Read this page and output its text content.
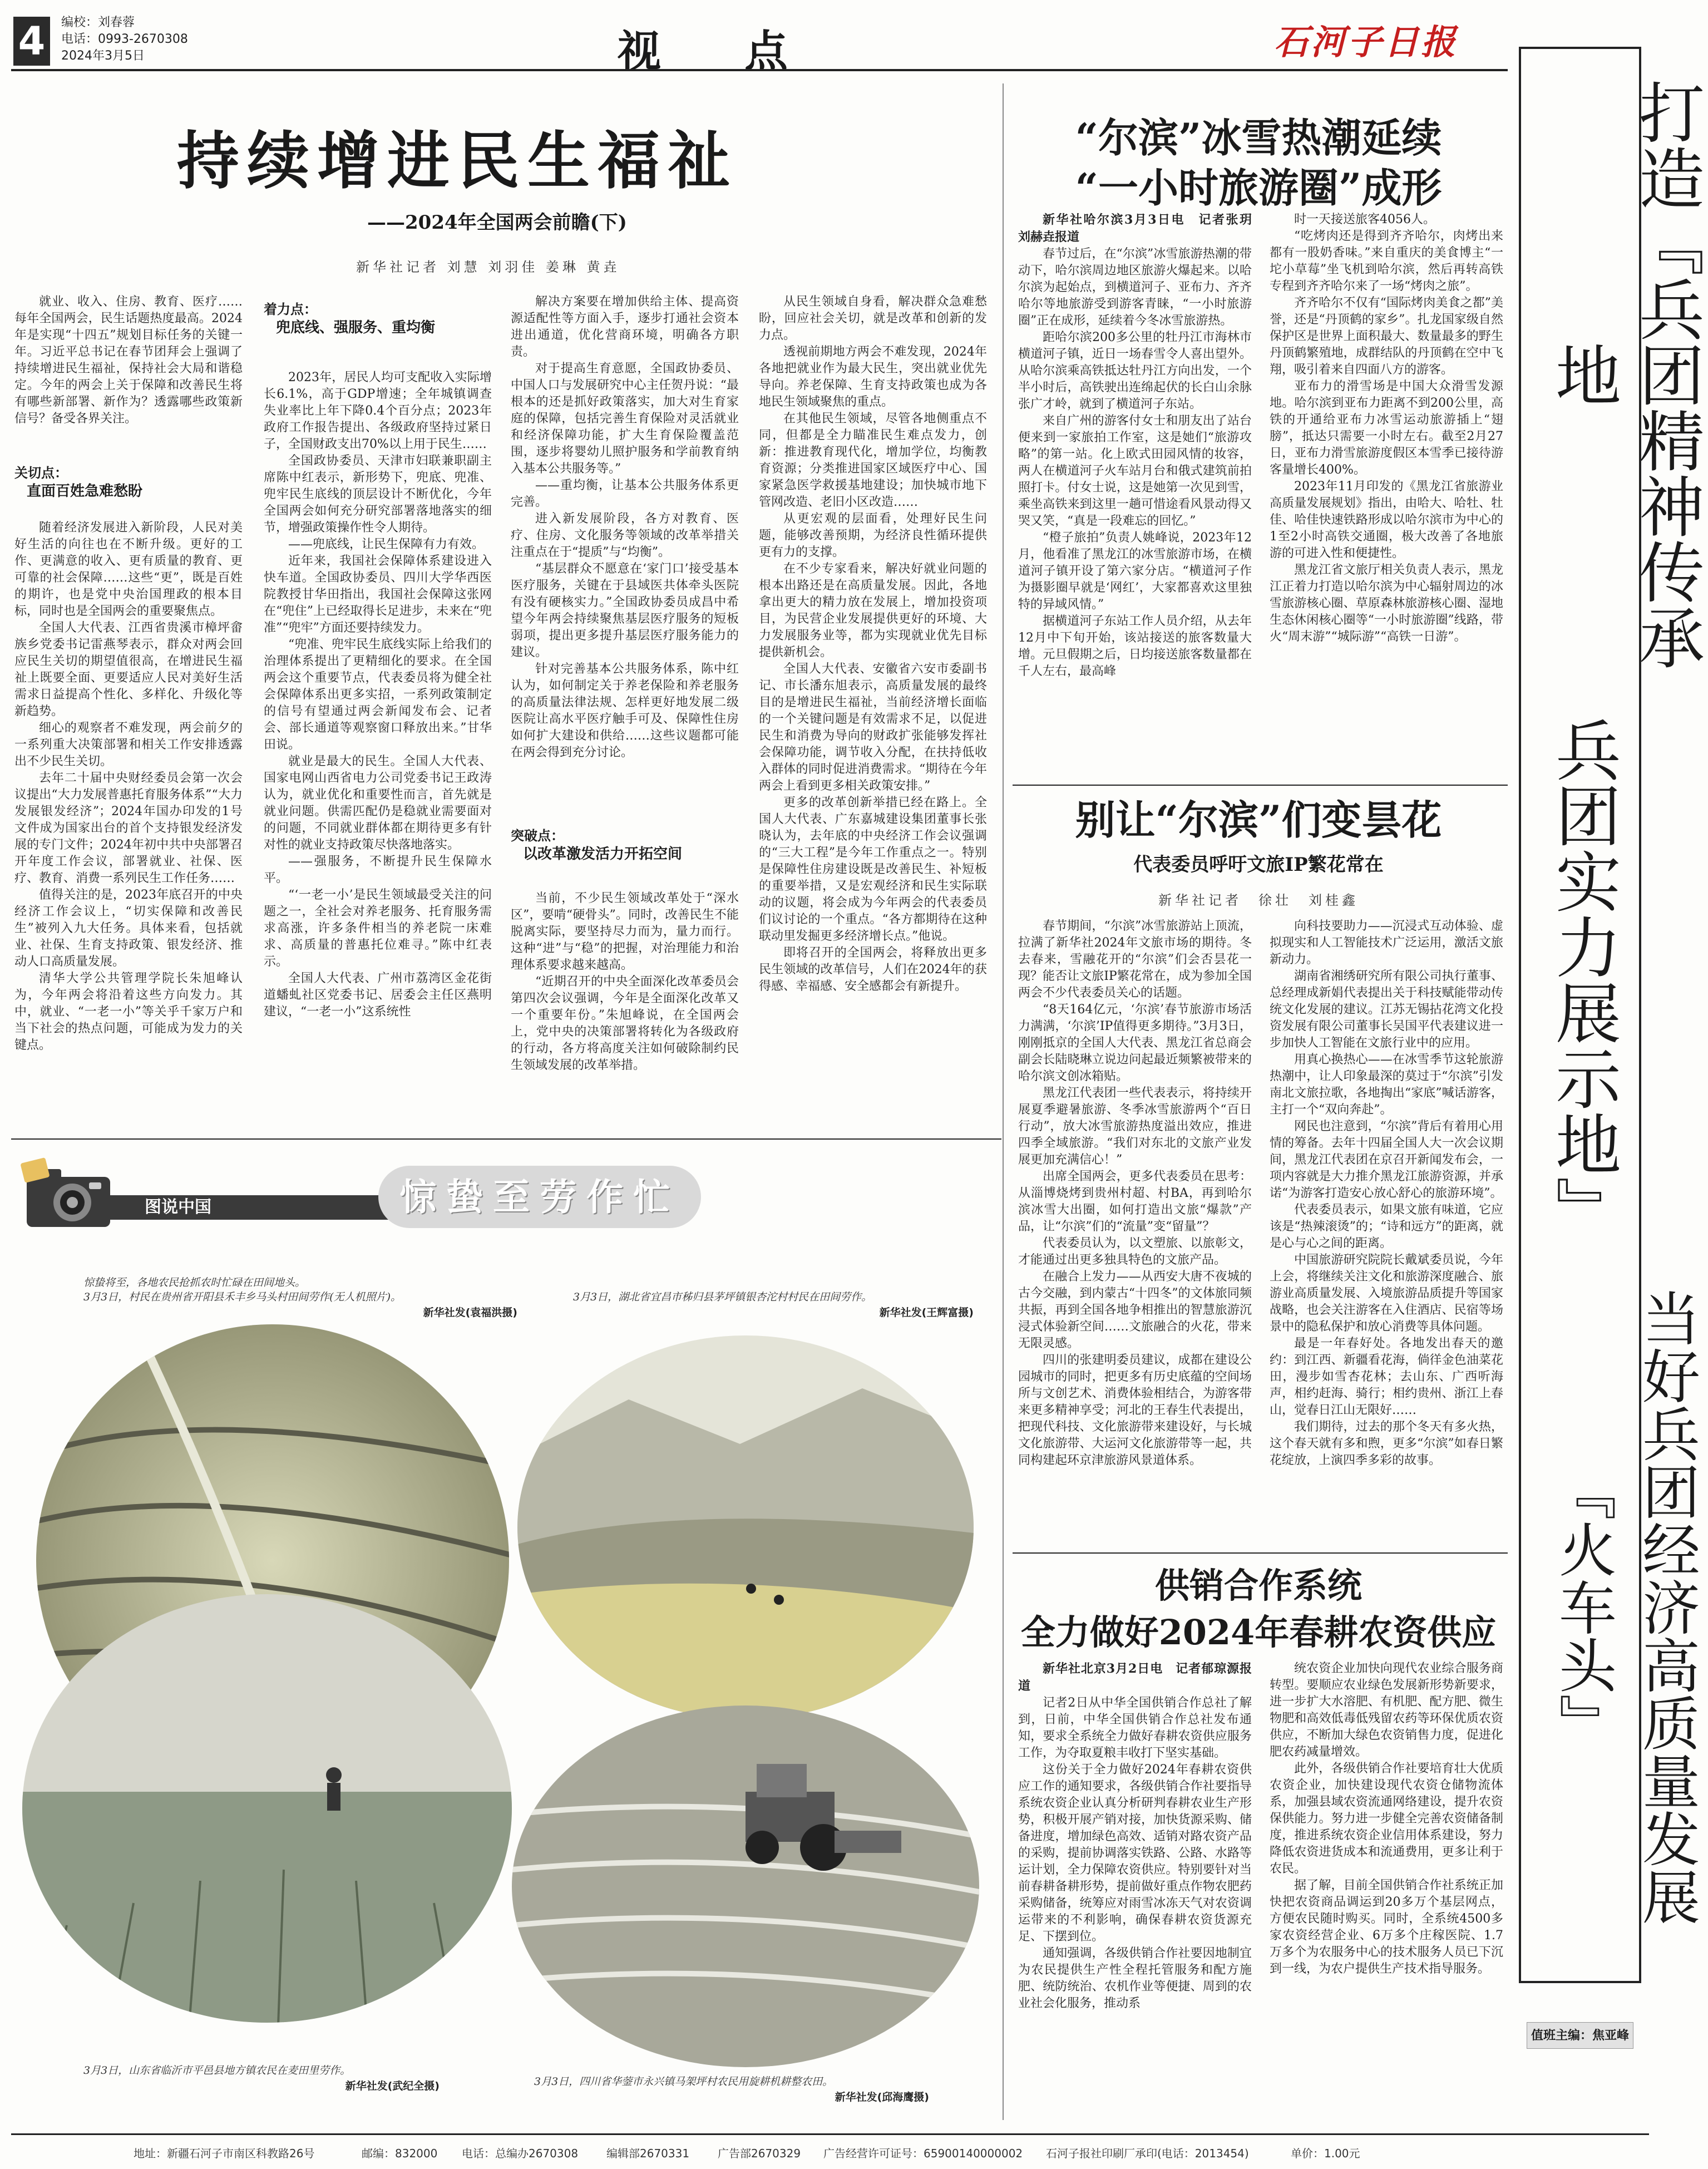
4	编校：刘春蓉
电话：0993-2670308
2024年3月5日	视点	石河子日报
打造『兵团精神传承地
兵团实力展示地』
当好兵团经济高质量发展『火车头』
值班主编：焦亚峰
持续增进民生福祉
——2024年全国两会前瞻(下)
新华社记者 刘慧 刘羽佳 姜琳 黄垚

就业、收入、住房、教育、医疗……每年全国两会，民生话题热度最高。2024年是实现“十四五”规划目标任务的关键一年。习近平总书记在春节团拜会上强调了持续增进民生福祉，保持社会大局和谐稳定。今年的两会上关于保障和改善民生将有哪些新部署、新作为？透露哪些政策新信号？备受各界关注。

关切点：
直面百姓急难愁盼

随着经济发展进入新阶段，人民对美好生活的向往也在不断升级。更好的工作、更满意的收入、更有质量的教育、更可靠的社会保障……这些“更”，既是百姓的期许，也是党中央治国理政的根本目标，同时也是全国两会的重要聚焦点。

全国人大代表、江西省贵溪市樟坪畲族乡党委书记雷燕琴表示，群众对两会回应民生关切的期望值很高，在增进民生福祉上既要全面、更要适应人民对美好生活需求日益提高个性化、多样化、升级化等新趋势。

细心的观察者不难发现，两会前夕的一系列重大决策部署和相关工作安排透露出不少民生关切。

去年二十届中央财经委员会第一次会议提出“大力发展普惠托育服务体系”“大力发展银发经济”；2024年国办印发的1号文件成为国家出台的首个支持银发经济发展的专门文件；2024年初中共中央部署召开年度工作会议，部署就业、社保、医疗、教育、消费一系列民生工作任务……

值得关注的是，2023年底召开的中央经济工作会议上，“切实保障和改善民生”被列入九大任务。具体来看，包括就业、社保、生育支持政策、银发经济、推动人口高质量发展。

清华大学公共管理学院长朱旭峰认为，今年两会将沿着这些方向发力。其中，就业、“一老一小”等关乎千家万户和当下社会的热点问题，可能成为发力的关键点。

着力点：
兜底线、强服务、重均衡

2023年，居民人均可支配收入实际增长6.1%，高于GDP增速；全年城镇调查失业率比上年下降0.4个百分点；2023年政府工作报告提出、各级政府坚持过紧日子，全国财政支出70%以上用于民生……

全国政协委员、天津市妇联兼职副主席陈中红表示，新形势下，兜底、兜准、兜牢民生底线的顶层设计不断优化，今年全国两会如何充分研究部署落地落实的细节，增强政策操作性令人期待。

——兜底线，让民生保障有力有效。

近年来，我国社会保障体系建设进入快车道。全国政协委员、四川大学华西医院教授甘华田指出，我国社会保障这张网在“兜住”上已经取得长足进步，未来在“兜准”“兜牢”方面还要持续发力。

“兜准、兜牢民生底线实际上给我们的治理体系提出了更精细化的要求。在全国两会这个重要节点，代表委员将为健全社会保障体系出更多实招，一系列政策制定的信号有望通过两会新闻发布会、记者会、部长通道等观察窗口释放出来。”甘华田说。

就业是最大的民生。全国人大代表、国家电网山西省电力公司党委书记王政涛认为，就业优化和重要性而言，首先就是就业问题。供需匹配仍是稳就业需要面对的问题，不同就业群体都在期待更多有针对性的就业支持政策尽快落地落实。

——强服务，不断提升民生保障水平。

“‘一老一小’是民生领域最受关注的问题之一，全社会对养老服务、托育服务需求高涨，许多条件相当的养老院一床难求、高质量的普惠托位难寻。”陈中红表示。

全国人大代表、广州市荔湾区金花街道蟠虬社区党委书记、居委会主任区燕明建议，“一老一小”这系统性

解决方案要在增加供给主体、提高资源适配性等方面入手，逐步打通社会资本进出通道，优化营商环境，明确各方职责。

对于提高生育意愿，全国政协委员、中国人口与发展研究中心主任贺丹说：“最根本的还是抓好政策落实，加大对生育家庭的保障，包括完善生育保险对灵活就业和经济保障功能，扩大生育保险覆盖范围，逐步将婴幼儿照护服务和学前教育纳入基本公共服务等。”

——重均衡，让基本公共服务体系更完善。

进入新发展阶段，各方对教育、医疗、住房、文化服务等领域的改革举措关注重点在于“提质”与“均衡”。

“基层群众不愿意在‘家门口’接受基本医疗服务，关键在于县域医共体牵头医院有没有硬核实力。”全国政协委员成昌中希望今年两会持续聚焦基层医疗服务的短板弱项，提出更多提升基层医疗服务能力的建议。

针对完善基本公共服务体系，陈中红认为，如何制定关于养老保险和养老服务的高质量法律法规、怎样更好地发展二级医院让高水平医疗触手可及、保障性住房如何扩大建设和供给……这些议题都可能在两会得到充分讨论。

突破点：
以改革激发活力开拓空间

当前，不少民生领域改革处于“深水区”，要啃“硬骨头”。同时，改善民生不能脱离实际，要坚持尽力而为，量力而行。这种“进”与“稳”的把握，对治理能力和治理体系要求越来越高。

“近期召开的中央全面深化改革委员会第四次会议强调，今年是全面深化改革又一个重要年份。”朱旭峰说，在全国两会上，党中央的决策部署将转化为各级政府的行动，各方将高度关注如何破除制约民生领域发展的改革举措。

从民生领域自身看，解决群众急难愁盼，回应社会关切，就是改革和创新的发力点。

透视前期地方两会不难发现，2024年各地把就业作为最大民生，突出就业优先导向。养老保障、生育支持政策也成为各地民生领域聚焦的重点。

在其他民生领域，尽管各地侧重点不同，但都是全力瞄准民生难点发力，创新：推进教育现代化，增加学位，均衡教育资源；分类推进国家区域医疗中心、国家紧急医学救援基地建设；加快城市地下管网改造、老旧小区改造……

从更宏观的层面看，处理好民生问题，能够改善预期，为经济良性循环提供更有力的支撑。

在不少专家看来，解决好就业问题的根本出路还是在高质量发展。因此，各地拿出更大的精力放在发展上，增加投资项目，为民营企业发展提供更好的环境、大力发展服务业等，都为实现就业优先目标提供新机会。

全国人大代表、安徽省六安市委副书记、市长潘东旭表示，高质量发展的最终目的是增进民生福祉，当前经济增长面临的一个关键问题是有效需求不足，以促进民生和消费为导向的财政扩张能够发挥社会保障功能，调节收入分配，在扶持低收入群体的同时促进消费需求。“期待在今年两会上看到更多相关政策安排。”

更多的改革创新举措已经在路上。全国人大代表、广东嘉城建设集团董事长张晓认为，去年底的中央经济工作会议强调的“三大工程”是今年工作重点之一。特别是保障性住房建设既是改善民生、补短板的重要举措，又是宏观经济和民生实际联动的议题，将会成为今年两会的代表委员们议讨论的一个重点。“各方都期待在这种联动里发掘更多经济增长点。”他说。

即将召开的全国两会，将释放出更多民生领域的改革信号，人们在2024年的获得感、幸福感、安全感都会有新提升。

“尔滨”冰雪热潮延续
“一小时旅游圈”成形

新华社哈尔滨3月3日电　记者张玥　刘赫垚报道

春节过后，在“尔滨”冰雪旅游热潮的带动下，哈尔滨周边地区旅游火爆起来。以哈尔滨为起始点，到横道河子、亚布力、齐齐哈尔等地旅游受到游客青睐，“一小时旅游圈”正在成形，延续着今冬冰雪旅游热。

距哈尔滨200多公里的牡丹江市海林市横道河子镇，近日一场春雪令人喜出望外。从哈尔滨乘高铁抵达牡丹江方向出发，一个半小时后，高铁驶出连绵起伏的长白山余脉张广才岭，就到了横道河子东站。

来自广州的游客付女士和朋友出了站台便来到一家旅拍工作室，这是她们“旅游攻略”的第一站。化上欧式田园风情的妆容，两人在横道河子火车站月台和俄式建筑前拍照打卡。付女士说，这是她第一次见到雪，乘坐高铁来到这里一趟可惜途看风景动得又哭又笑，“真是一段难忘的回忆。”

“橙子旅拍”负责人姚峰说，2023年12月，他看准了黑龙江的冰雪旅游市场，在横道河子镇开设了第六家分店。“横道河子作为摄影圈早就是‘网红’，大家都喜欢这里独特的异域风情。”

据横道河子东站工作人员介绍，从去年12月中下旬开始，该站接送的旅客数量大增。元旦假期之后，日均接送旅客数量都在千人左右，最高峰

时一天接送旅客4056人。

“吃烤肉还是得到齐齐哈尔，肉烤出来都有一股奶香味。”来自重庆的美食博主“一坨小草莓”坐飞机到哈尔滨，然后再转高铁专程到齐齐哈尔来了一场“烤肉之旅”。

齐齐哈尔不仅有“国际烤肉美食之都”美誉，还是“丹顶鹤的家乡”。扎龙国家级自然保护区是世界上面积最大、数量最多的野生丹顶鹤繁殖地，成群结队的丹顶鹤在空中飞翔，吸引着来自四面八方的游客。

亚布力的滑雪场是中国大众滑雪发源地。哈尔滨到亚布力距离不到200公里，高铁的开通给亚布力冰雪运动旅游插上“翅膀”，抵达只需要一小时左右。截至2月27日，亚布力滑雪旅游度假区本雪季已接待游客量增长400%。

2023年11月印发的《黑龙江省旅游业高质量发展规划》指出，由哈大、哈牡、牡佳、哈佳快速铁路形成以哈尔滨市为中心的1至2小时高铁交通圈，极大改善了各地旅游的可进入性和便捷性。

黑龙江省文旅厅相关负责人表示，黑龙江正着力打造以哈尔滨为中心辐射周边的冰雪旅游核心圈、草原森林旅游核心圈、湿地生态休闲核心圈等“一小时旅游圈”线路，带火“周末游”“城际游”“高铁一日游”。

别让“尔滨”们变昙花
代表委员呼吁文旅IP繁花常在
新华社记者　徐壮　刘桂鑫

春节期间，“尔滨”冰雪旅游站上顶流，拉满了新华社2024年文旅市场的期待。冬去春来，雪融花开的“尔滨”们会否昙花一现？能否让文旅IP繁花常在，成为参加全国两会不少代表委员关心的话题。

“8天164亿元，‘尔滨’春节旅游市场活力满满，‘尔滨’IP值得更多期待。”3月3日，刚刚抵京的全国人大代表、黑龙江省总商会副会长陆晓琳立说边问起最近频繁被带来的哈尔滨文创冰箱贴。

黑龙江代表团一些代表表示，将持续开展夏季避暑旅游、冬季冰雪旅游两个“百日行动”，放大冰雪旅游热度溢出效应，推进四季全域旅游。“我们对东北的文旅产业发展更加充满信心！”

出席全国两会，更多代表委员在思考：从淄博烧烤到贵州村超、村BA，再到哈尔滨冰雪大出圈，如何打造出文旅“爆款”产品，让“尔滨”们的“流量”变“留量”？

代表委员认为，以文塑旅、以旅彰文，才能通过出更多独具特色的文旅产品。

在融合上发力——从西安大唐不夜城的古今交融，到内蒙古“十四冬”的文体旅同频共振，再到全国各地争相推出的智慧旅游沉浸式体验新空间……文旅融合的火花，带来无限灵感。

四川的张建明委员建议，成都在建设公园城市的同时，把更多有历史底蕴的空间场所与文创艺术、消费体验相结合，为游客带来更多精神享受；河北的王春生代表提出，把现代科技、文化旅游带来建设好，与长城文化旅游带、大运河文化旅游带等一起，共同构建起环京津旅游风景道体系。

向科技要助力——沉浸式互动体验、虚拟现实和人工智能技术广泛运用，激活文旅新动力。

湖南省湘绣研究所有限公司执行董事、总经理成新娟代表提出关于科技赋能带动传统文化发展的建议。江苏无锡拈花湾文化投资发展有限公司董事长吴国平代表建议进一步加快人工智能在文旅行业中的应用。

用真心换热心——在冰雪季节这轮旅游热潮中，让人印象最深的莫过于“尔滨”引发南北文旅拉歌，各地掏出“家底”喊话游客，主打一个“双向奔赴”。

网民也注意到，“尔滨”背后有着用心用情的筹备。去年十四届全国人大一次会议期间，黑龙江代表团在京召开新闻发布会，一项内容就是大力推介黑龙江旅游资源，并承诺“为游客打造安心放心舒心的旅游环境”。

代表委员表示，如果文旅有味道，它应该是“热辣滚烫”的；“诗和远方”的距离，就是心与心之间的距离。

中国旅游研究院院长戴斌委员说，今年上会，将继续关注文化和旅游深度融合、旅游业高质量发展、入境旅游品质提升等国家战略，也会关注游客在入住酒店、民宿等场景中的隐私保护和放心消费等具体问题。

最是一年春好处。各地发出春天的邀约：到江西、新疆看花海，倘徉金色油菜花田，漫步如雪杏花林；去山东、广西听海声，相约赶海、骑行；相约贵州、浙江上春山，觉春日江山无限好……

我们期待，过去的那个冬天有多火热，这个春天就有多和煦，更多“尔滨”如春日繁花绽放，上演四季多彩的故事。

供销合作系统
全力做好2024年春耕农资供应

新华社北京3月2日电　记者郁琼源报道

记者2日从中华全国供销合作总社了解到，日前，中华全国供销合作总社发布通知，要求全系统全力做好春耕农资供应服务工作，为夺取夏粮丰收打下坚实基础。

这份关于全力做好2024年春耕农资供应工作的通知要求，各级供销合作社要指导系统农资企业认真分析研判春耕农业生产形势，积极开展产销对接，加快货源采购、储备进度，增加绿色高效、适销对路农资产品的采购，提前协调落实铁路、公路、水路等运计划，全力保障农资供应。特别要针对当前春耕备耕形势，提前做好重点作物农肥药采购储备，统筹应对雨雪冰冻天气对农资调运带来的不利影响，确保春耕农资货源充足、下摆到位。

通知强调，各级供销合作社要因地制宜为农民提供生产性全程托管服务和配方施肥、统防统治、农机作业等便捷、周到的农业社会化服务，推动系

统农资企业加快向现代农业综合服务商转型。要顺应农业绿色发展新形势新要求，进一步扩大水溶肥、有机肥、配方肥、微生物肥和高效低毒低残留农药等环保优质农资供应，不断加大绿色农资销售力度，促进化肥农药减量增效。

此外，各级供销合作社要培育壮大优质农资企业，加快建设现代农资仓储物流体系，加强县域农资流通网络建设，提升农资保供能力。努力进一步健全完善农资储备制度，推进系统农资企业信用体系建设，努力降低农资进货成本和流通费用，更多让利于农民。

据了解，目前全国供销合作社系统正加快把农资商品调运到20多万个基层网点，方便农民随时购买。同时，全系统4500多家农资经营企业、6万多个庄稼医院、1.7万多个为农服务中心的技术服务人员已下沉到一线，为农户提供生产技术指导服务。

图说中国	惊蛰至劳作忙
惊蛰将至，各地农民抢抓农时忙碌在田间地头。
3月3日，村民在贵州省开阳县禾丰乡马头村田间劳作(无人机照片)。
新华社发(袁福洪摄)
3月3日，湖北省宜昌市秭归县茅坪镇银杏沱村村民在田间劳作。
新华社发(王辉富摄)
3月3日，山东省临沂市平邑县地方镇农民在麦田里劳作。
新华社发(武纪全摄)	3月3日，四川省华蓥市永兴镇马架坪村农民用旋耕机耕整农田。
新华社发(邱海鹰摄)
地址：新疆石河子市南区科教路26号	邮编：832000 电话：总编办2670308	编辑部2670331	广告部2670329 广告经营许可证号：65900140000002 石河子报社印刷厂承印(电话：2013454)	单价：1.00元
